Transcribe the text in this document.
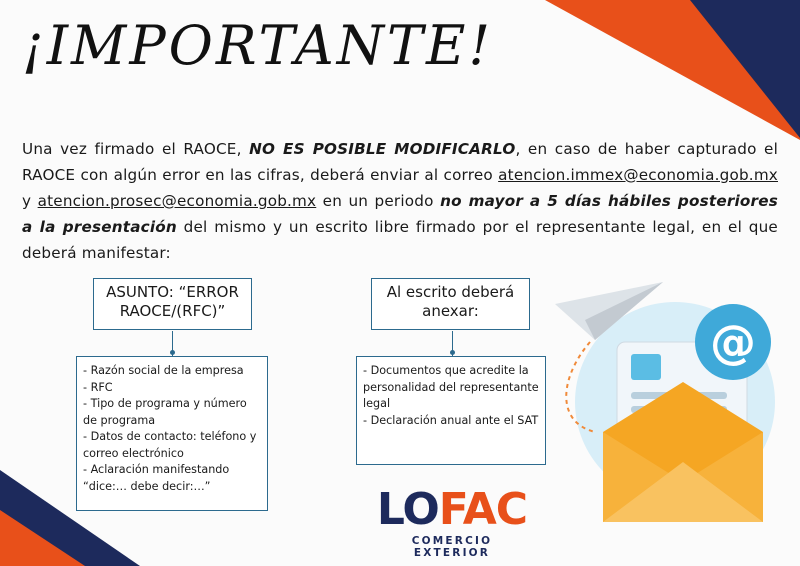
¡IMPORTANTE!
Una vez firmado el RAOCE, NO ES POSIBLE MODIFICARLO, en caso de haber capturado el RAOCE con algún error en las cifras, deberá enviar al correo atencion.immex@economia.gob.mx y atencion.prosec@economia.gob.mx en un periodo no mayor a 5 días hábiles posteriores a la presentación del mismo y un escrito libre firmado por el representante legal, en el que deberá manifestar:
ASUNTO: “ERROR
RAOCE/(RFC)”
- Razón social de la empresa
- RFC
- Tipo de programa y número de programa
- Datos de contacto: teléfono y correo electrónico
- Aclaración manifestando “dice:… debe decir:…”
Al escrito deberá
anexar:
- Documentos que acredite la personalidad del representante legal
- Declaración anual ante el SAT
@
LOFAC
COMERCIO EXTERIOR
